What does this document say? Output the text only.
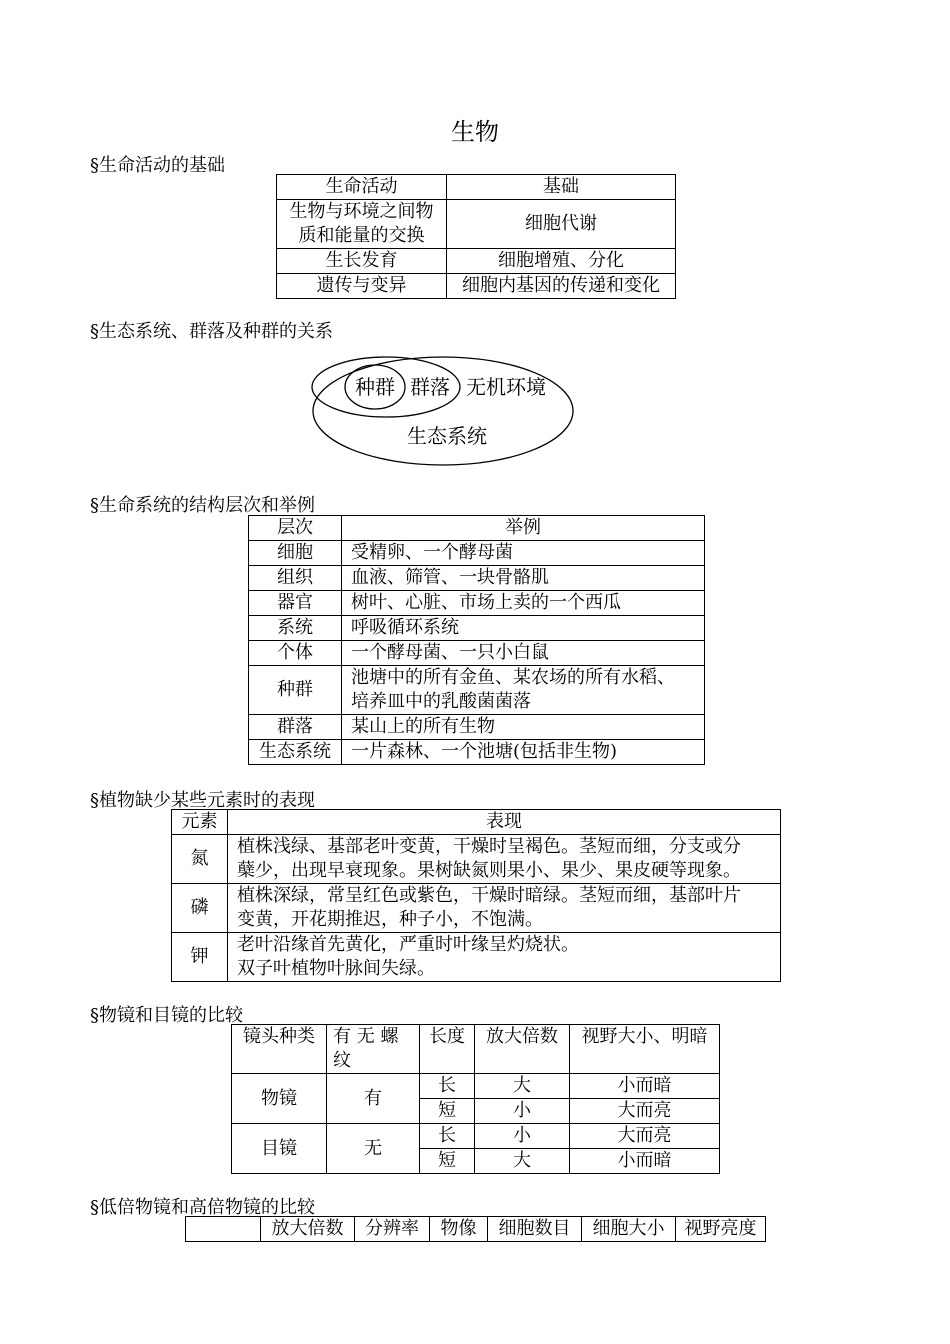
生物
§生命活动的基础
生命活动	基础

生物与环境之间物
质和能量的交换	细胞代谢
生长发育	细胞增殖、分化
遗传与变异	细胞内基因的传递和变化
§生态系统、群落及种群的关系
种群 群落 无机环境
生态系统
§生命系统的结构层次和举例
层次	举例
细胞	受精卵、一个酵母菌
组织	血液、筛管、一块骨骼肌
器官	树叶、心脏、市场上卖的一个西瓜
系统	呼吸循环系统
个体	一个酵母菌、一只小白鼠
种群	池塘中的所有金鱼、某农场的所有水稻、
培养皿中的乳酸菌菌落

群落	某山上的所有生物
生态系统	一片森林、一个池塘(包括非生物)
§植物缺少某些元素时的表现
元素	表现
氮	植株浅绿、基部老叶变黄，干燥时呈褐色。茎短而细，分支或分
蘖少，出现早衰现象。果树缺氮则果小、果少、果皮硬等现象。

磷	植株深绿，常呈红色或紫色，干燥时暗绿。茎短而细，基部叶片
变黄，开花期推迟，种子小，不饱满。

钾	老叶沿缘首先黄化，严重时叶缘呈灼烧状。
双子叶植物叶脉间失绿。
§物镜和目镜的比较
镜头种类	有 无 螺
纹	长度	放大倍数	视野大小、明暗
物镜	有	长	大	小而暗
		短	小	大而亮
目镜	无	长	小	大而亮
		短	大	小而暗
§低倍物镜和高倍物镜的比较
	放大倍数	分辨率	物像	细胞数目	细胞大小	视野亮度
